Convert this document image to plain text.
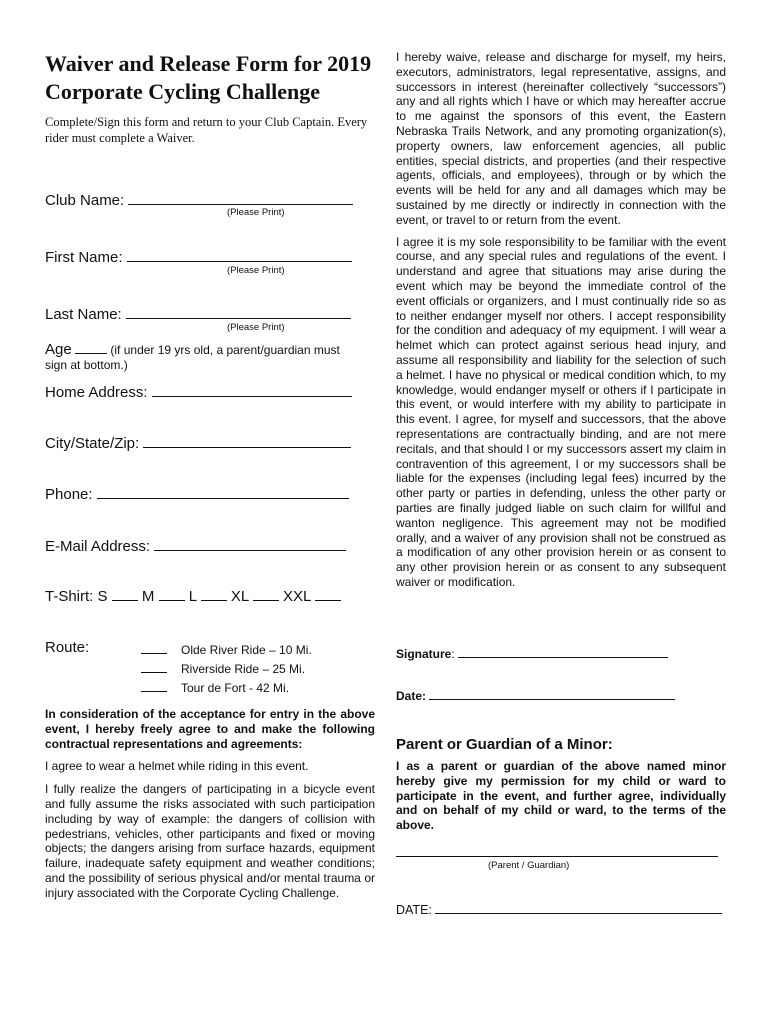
Waiver and Release Form for 2019 Corporate Cycling Challenge
Complete/Sign this form and return to your Club Captain. Every rider must complete a Waiver.
Club Name:
(Please Print)
First Name:
(Please Print)
Last Name:
(Please Print)
Age	(if under 19 yrs old, a parent/guardian must sign at bottom.)
Home Address:
City/State/Zip:
Phone:
E-Mail Address:
T-Shirt: S M L XL XXL
Route:	Olde River Ride – 10 Mi.
Riverside Ride – 25 Mi.
Tour de Fort - 42 Mi.

In consideration of the acceptance for entry in the above event, I hereby freely agree to and make the following contractual representations and agreements:

I agree to wear a helmet while riding in this event.

I fully realize the dangers of participating in a bicycle event and fully assume the risks associated with such participation including by way of example: the dangers of collision with pedestrians, vehicles, other participants and fixed or moving objects; the dangers arising from surface hazards, equipment failure, inadequate safety equipment and weather conditions; and the possibility of serious physical and/or mental trauma or injury associated with the Corporate Cycling Challenge.

I hereby waive, release and discharge for myself, my heirs, executors, administrators, legal representative, assigns, and successors in interest (hereinafter collectively “successors”) any and all rights which I have or which may hereafter accrue to me against the sponsors of this event, the Eastern Nebraska Trails Network, and any promoting organization(s), property owners, law enforcement agencies, all public entities, special districts, and properties (and their respective agents, officials, and employees), through or by which the events will be held for any and all damages which may be sustained by me directly or indirectly in connection with the event, or travel to or return from the event.

I agree it is my sole responsibility to be familiar with the event course, and any special rules and regulations of the event. I understand and agree that situations may arise during the event which may be beyond the immediate control of the event officials or organizers, and I must continually ride so as to neither endanger myself nor others. I accept responsibility for the condition and adequacy of my equipment. I will wear a helmet which can protect against serious head injury, and assume all responsibility and liability for the selection of such a helmet. I have no physical or medical condition which, to my knowledge, would endanger myself or others if I participate in this event, or would interfere with my ability to participate in this event. I agree, for myself and successors, that the above representations are contractually binding, and are not mere recitals, and that should I or my successors assert my claim in contravention of this agreement, I or my successors shall be liable for the expenses (including legal fees) incurred by the other party or parties in defending, unless the other party or parties are finally judged liable on such claim for willful and wanton negligence. This agreement may not be modified orally, and a waiver of any provision shall not be construed as a modification of any other provision herein or as consent to any other provision herein or as consent to any subsequent waiver or modification.

Signature:

Date:

Parent or Guardian of a Minor:

I as a parent or guardian of the above named minor hereby give my permission for my child or ward to participate in the event, and further agree, individually and on behalf of my child or ward, to the terms of the above.

(Parent / Guardian)

DATE:
